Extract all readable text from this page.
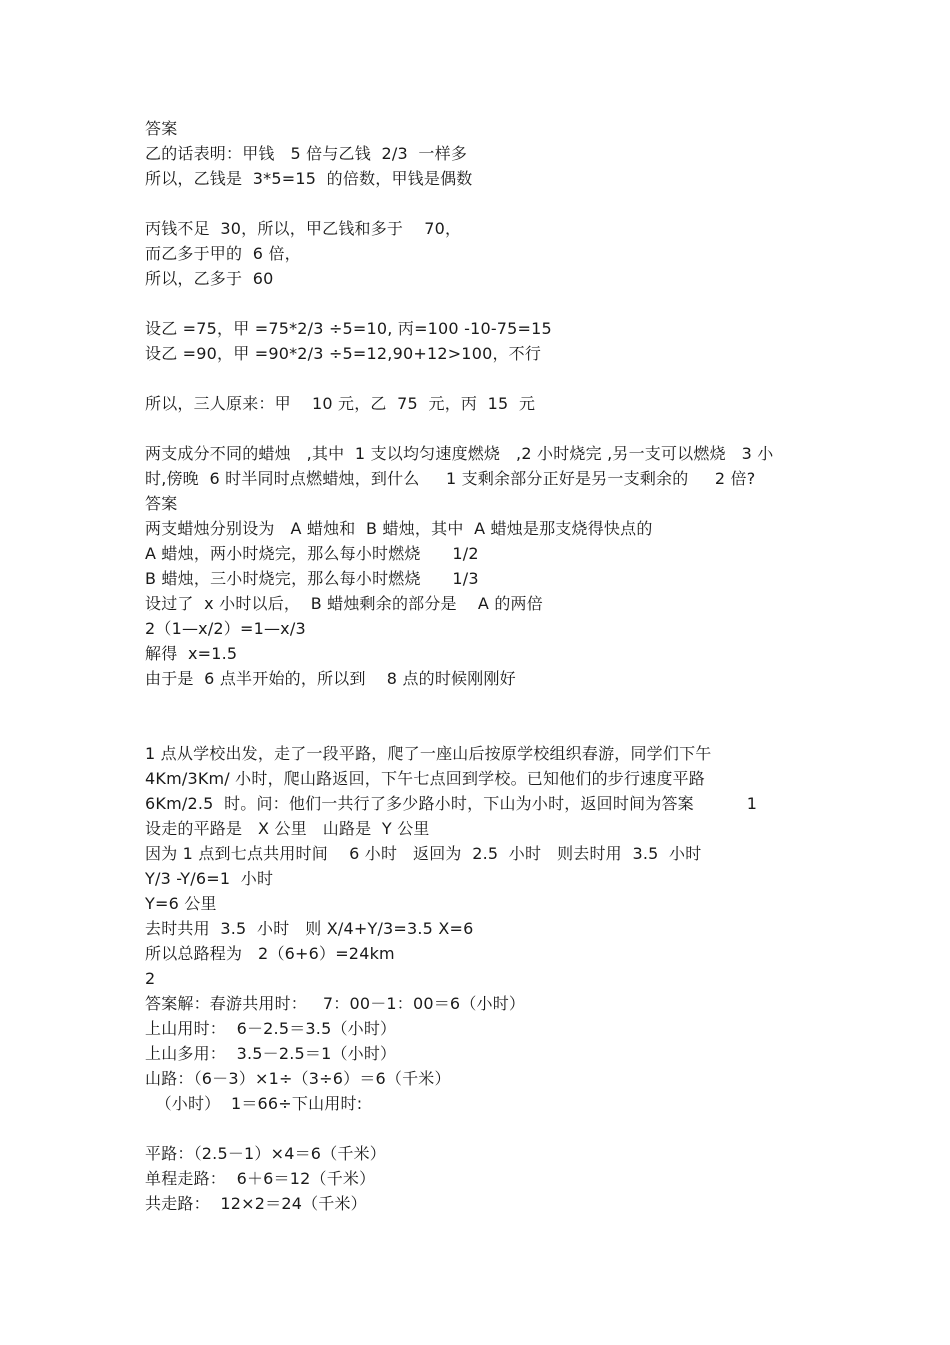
答案
乙的话表明：甲钱   5 倍与乙钱  2/3  一样多
所以，乙钱是  3*5=15  的倍数，甲钱是偶数
丙钱不足  30，所以，甲乙钱和多于    70，
而乙多于甲的  6 倍，
所以，乙多于  60
设乙 =75，甲 =75*2/3 ÷5=10, 丙=100 -10-75=15
设乙 =90，甲 =90*2/3 ÷5=12,90+12>100，不行
所以，三人原来：甲    10 元，乙  75  元，丙  15  元
两支成分不同的蜡烛   ,其中  1 支以均匀速度燃烧   ,2 小时烧完 ,另一支可以燃烧   3 小
时,傍晚  6 时半同时点燃蜡烛，到什么     1 支剩余部分正好是另一支剩余的     2 倍?
答案
两支蜡烛分别设为   A 蜡烛和  B 蜡烛，其中  A 蜡烛是那支烧得快点的
A 蜡烛，两小时烧完，那么每小时燃烧      1/2
B 蜡烛，三小时烧完，那么每小时燃烧      1/3
设过了  x 小时以后，  B 蜡烛剩余的部分是    A 的两倍
2（1—x/2）=1—x/3
解得  x=1.5
由于是  6 点半开始的，所以到    8 点的时候刚刚好
1 点从学校出发，走了一段平路，爬了一座山后按原学校组织春游，同学们下午
4Km/3Km/ 小时，爬山路返回，下午七点回到学校。已知他们的步行速度平路
6Km/2.5  时。问：他们一共行了多少路小时，下山为小时，返回时间为答案          1
设走的平路是   X 公里   山路是  Y 公里
因为 1 点到七点共用时间    6 小时   返回为  2.5  小时   则去时用  3.5  小时
Y/3 -Y/6=1  小时
Y=6 公里
去时共用  3.5  小时   则 X/4+Y/3=3.5 X=6
所以总路程为   2（6+6）=24km
2
答案解：春游共用时：   7：00－1：00＝6（小时）
上山用时：  6－2.5＝3.5（小时）
上山多用：  3.5－2.5＝1（小时）
山路：（6－3）×1÷（3÷6）＝6（千米）
（小时）  1＝66÷下山用时:
平路：（2.5－1）×4＝6（千米）
单程走路：  6＋6＝12（千米）
共走路：  12×2＝24（千米）
